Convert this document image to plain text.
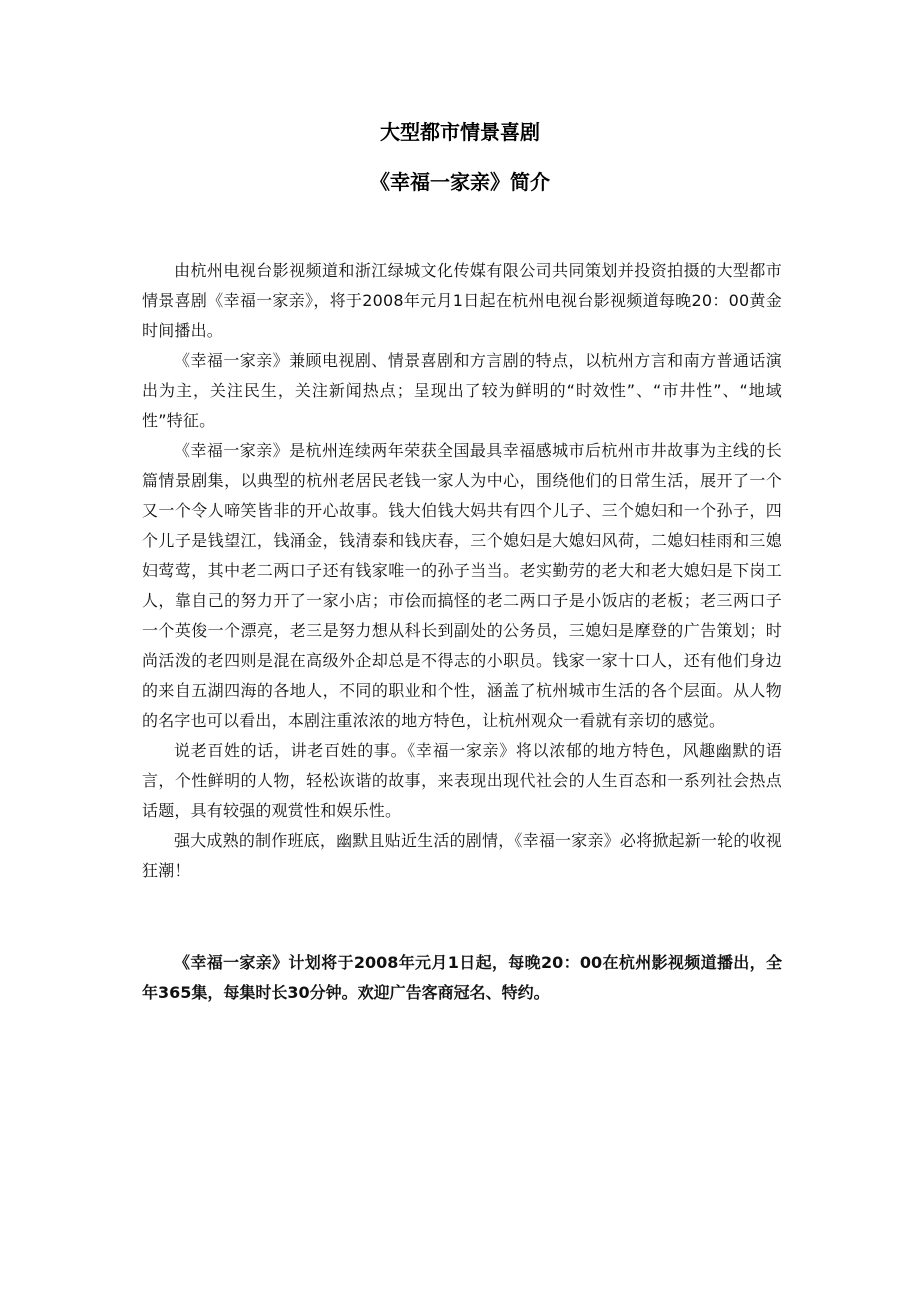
大型都市情景喜剧
《幸福一家亲》简介

由杭州电视台影视频道和浙江绿城文化传媒有限公司共同策划并投资拍摄的大型都市情景喜剧《幸福一家亲》，将于2008年元月1日起在杭州电视台影视频道每晚20：00黄金时间播出。

《幸福一家亲》兼顾电视剧、情景喜剧和方言剧的特点，以杭州方言和南方普通话演出为主，关注民生，关注新闻热点；呈现出了较为鲜明的“时效性”、“市井性”、“地域性”特征。

《幸福一家亲》是杭州连续两年荣获全国最具幸福感城市后杭州市井故事为主线的长篇情景剧集，以典型的杭州老居民老钱一家人为中心，围绕他们的日常生活，展开了一个又一个令人啼笑皆非的开心故事。钱大伯钱大妈共有四个儿子、三个媳妇和一个孙子，四个儿子是钱望江，钱涌金，钱清泰和钱庆春，三个媳妇是大媳妇风荷，二媳妇桂雨和三媳妇莺莺，其中老二两口子还有钱家唯一的孙子当当。老实勤劳的老大和老大媳妇是下岗工人，靠自己的努力开了一家小店；市侩而搞怪的老二两口子是小饭店的老板；老三两口子一个英俊一个漂亮，老三是努力想从科长到副处的公务员，三媳妇是摩登的广告策划；时尚活泼的老四则是混在高级外企却总是不得志的小职员。钱家一家十口人，还有他们身边的来自五湖四海的各地人，不同的职业和个性，涵盖了杭州城市生活的各个层面。从人物的名字也可以看出，本剧注重浓浓的地方特色，让杭州观众一看就有亲切的感觉。

说老百姓的话，讲老百姓的事。《幸福一家亲》将以浓郁的地方特色，风趣幽默的语言，个性鲜明的人物，轻松诙谐的故事，来表现出现代社会的人生百态和一系列社会热点话题，具有较强的观赏性和娱乐性。

强大成熟的制作班底，幽默且贴近生活的剧情，《幸福一家亲》必将掀起新一轮的收视狂潮！

《幸福一家亲》计划将于2008年元月1日起，每晚20：00在杭州影视频道播出，全年365集，每集时长30分钟。欢迎广告客商冠名、特约。
